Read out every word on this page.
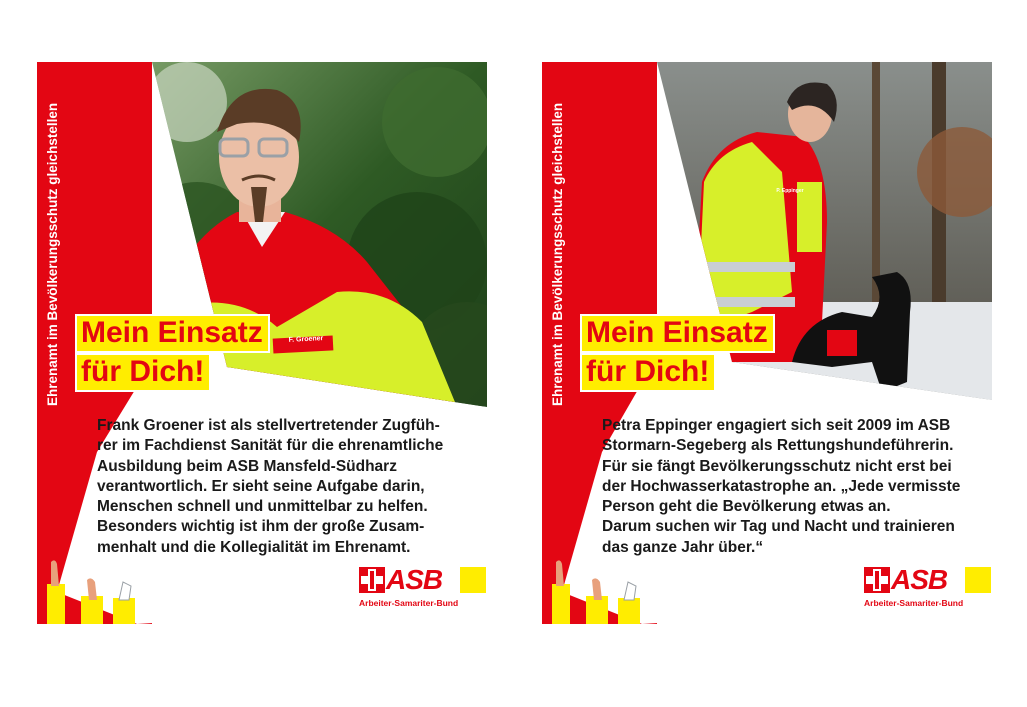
F. Groener
Ehrenamt im Bevölkerungsschutz gleichstellen Mein Einsatz
für Dich!
Frank Groener ist als stellvertretender Zugfüh-
rer im Fachdienst Sanität für die ehrenamtliche
Ausbildung beim ASB Mansfeld-Südharz
verantwortlich. Er sieht seine Aufgabe darin,
Menschen schnell und unmittelbar zu helfen.
Besonders wichtig ist ihm der große Zusam-
menhalt und die Kollegialität im Ehrenamt.
ASB
Arbeiter-Samariter-Bund
P. Eppinger
Ehrenamt im Bevölkerungsschutz gleichstellen Mein Einsatz
für Dich!
Petra Eppinger engagiert sich seit 2009 im ASB
Stormarn-Segeberg als Rettungshundeführerin.
Für sie fängt Bevölkerungsschutz nicht erst bei
der Hochwasserkatastrophe an. „Jede vermisste
Person geht die Bevölkerung etwas an.
Darum suchen wir Tag und Nacht und trainieren
das ganze Jahr über.“
ASB
Arbeiter-Samariter-Bund
